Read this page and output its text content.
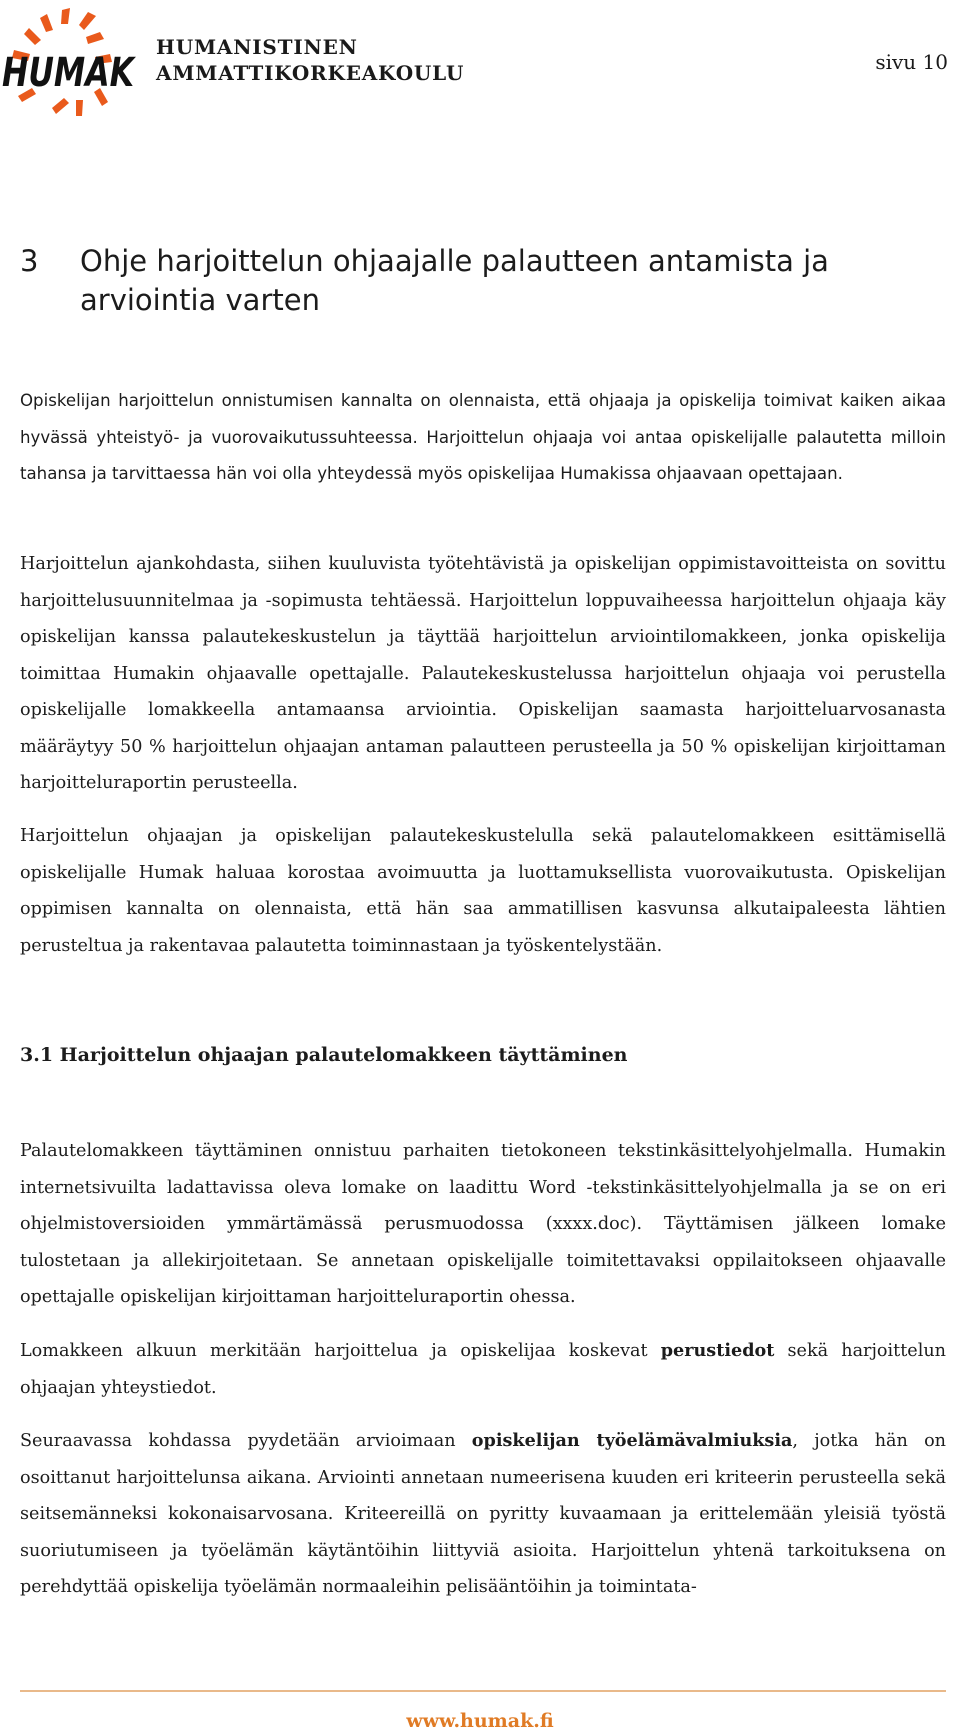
HUMAK
HUMANISTINEN
AMMATTIKORKEAKOULU	sivu 10
3 Ohje harjoittelun ohjaajalle palautteen antamista ja arviointia varten

Opiskelijan harjoittelun onnistumisen kannalta on olennaista, että ohjaaja ja opiskelija toimivat kaiken aikaa hyvässä yhteistyö- ja vuorovaikutussuhteessa. Harjoittelun ohjaaja voi antaa opiskelijalle palautetta milloin tahansa ja tarvittaessa hän voi olla yhteydessä myös opiskelijaa Humakissa ohjaavaan opettajaan.

Harjoittelun ajankohdasta, siihen kuuluvista työtehtävistä ja opiskelijan oppimistavoitteista on sovittu harjoittelusuunnitelmaa ja -sopimusta tehtäessä. Harjoittelun loppuvaiheessa harjoittelun ohjaaja käy opiskelijan kanssa palautekeskustelun ja täyttää harjoittelun arviointilomakkeen, jonka opiskelija toimittaa Humakin ohjaavalle opettajalle. Palautekeskustelussa harjoittelun ohjaaja voi perustella opiskelijalle lomakkeella antamaansa arviointia. Opiskelijan saamasta harjoitteluarvosanasta määräytyy 50 % harjoittelun ohjaajan antaman palautteen perusteella ja 50 % opiskelijan kirjoittaman harjoitteluraportin perusteella.

Harjoittelun ohjaajan ja opiskelijan palautekeskustelulla sekä palautelomakkeen esittämisellä opiskelijalle Humak haluaa korostaa avoimuutta ja luottamuksellista vuorovaikutusta. Opiskelijan oppimisen kannalta on olennaista, että hän saa ammatillisen kasvunsa alkutaipaleesta lähtien perusteltua ja rakentavaa palautetta toiminnastaan ja työskentelystään.

3.1 Harjoittelun ohjaajan palautelomakkeen täyttäminen

Palautelomakkeen täyttäminen onnistuu parhaiten tietokoneen tekstinkäsittelyohjelmalla. Humakin internetsivuilta ladattavissa oleva lomake on laadittu Word -tekstinkäsittelyohjelmalla ja se on eri ohjelmistoversioiden ymmärtämässä perusmuodossa (xxxx.doc). Täyttämisen jälkeen lomake tulostetaan ja allekirjoitetaan. Se annetaan opiskelijalle toimitettavaksi oppilaitokseen ohjaavalle opettajalle opiskelijan kirjoittaman harjoitteluraportin ohessa.

Lomakkeen alkuun merkitään harjoittelua ja opiskelijaa koskevat perustiedot sekä harjoittelun ohjaajan yhteystiedot.

Seuraavassa kohdassa pyydetään arvioimaan opiskelijan työelämävalmiuksia, jotka hän on osoittanut harjoittelunsa aikana. Arviointi annetaan numeerisena kuuden eri kriteerin perusteella sekä seitsemänneksi kokonaisarvosana. Kriteereillä on pyritty kuvaamaan ja erittelemään yleisiä työstä suoriutumiseen ja työelämän käytäntöihin liittyviä asioita. Harjoittelun yhtenä tarkoituksena on perehdyttää opiskelija työelämän normaaleihin pelisääntöihin ja toimintata-

www.humak.fi
